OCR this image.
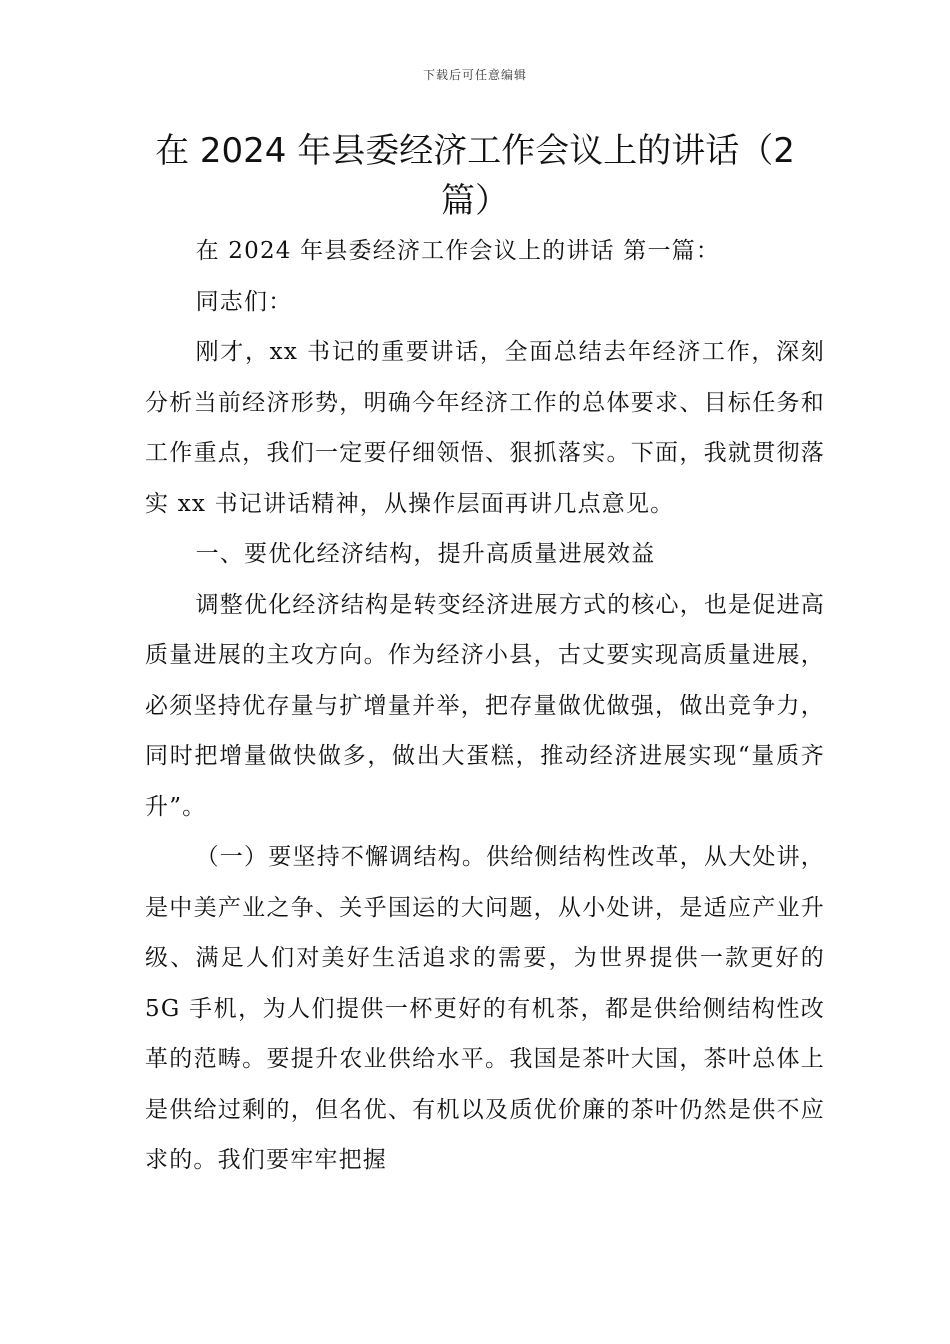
下载后可任意编辑
在 2024 年县委经济工作会议上的讲话（2 篇）

在 2024 年县委经济工作会议上的讲话 第一篇：

同志们：

刚才，xx 书记的重要讲话，全面总结去年经济工作，深刻分析当前经济形势，明确今年经济工作的总体要求、目标任务和工作重点，我们一定要仔细领悟、狠抓落实。下面，我就贯彻落实 xx 书记讲话精神，从操作层面再讲几点意见。

一、要优化经济结构，提升高质量进展效益

调整优化经济结构是转变经济进展方式的核心，也是促进高质量进展的主攻方向。作为经济小县，古丈要实现高质量进展，必须坚持优存量与扩增量并举，把存量做优做强，做出竞争力，同时把增量做快做多，做出大蛋糕，推动经济进展实现“量质齐升”。

（一）要坚持不懈调结构。供给侧结构性改革，从大处讲，是中美产业之争、关乎国运的大问题，从小处讲，是适应产业升级、满足人们对美好生活追求的需要，为世界提供一款更好的 5G 手机，为人们提供一杯更好的有机茶，都是供给侧结构性改革的范畴。要提升农业供给水平。我国是茶叶大国，茶叶总体上是供给过剩的，但名优、有机以及质优价廉的茶叶仍然是供不应求的。我们要牢牢把握
